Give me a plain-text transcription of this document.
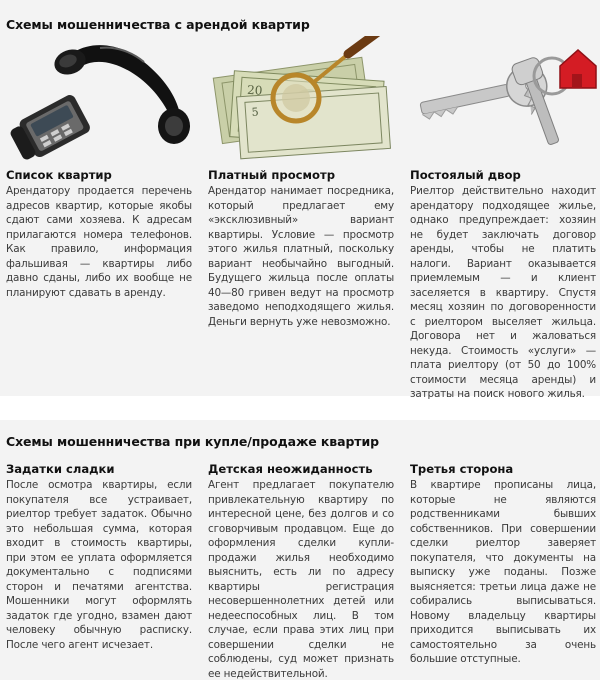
Схемы мошенничества с арендой квартир
20
5
Список квартир
Арендатору продается перечень адресов квартир, которые якобы сдают сами хозяева. К адресам прилагаются номера телефонов. Как правило, информация фальшивая — квартиры либо давно сданы, либо их вообще не планируют сдавать в аренду.
Платный просмотр
Арендатор нанимает посредника, который предлагает ему «эксклюзивный» вариант квартиры. Условие — просмотр этого жилья платный, поскольку вариант необычайно выгодный. Будущего жильца после оплаты 40—80 гривен ведут на просмотр заведомо неподходящего жилья. Деньги вернуть уже невозможно.
Постоялый двор
Риелтор действительно находит арендатору подходящее жилье, однако предупреждает: хозяин не будет заключать договор аренды, чтобы не платить налоги. Вариант оказывается приемлемым — и клиент заселяется в квартиру. Спустя месяц хозяин по договоренности с риелтором выселяет жильца. Договора нет и жаловаться некуда. Стоимость «услуги» — плата риелтору (от 50 до 100% стоимости месяца аренды) и затраты на поиск нового жилья.
Схемы мошенничества при купле/продаже квартир
Задатки сладки
После осмотра квартиры, если покупателя все устраивает, риелтор требует задаток. Обычно это небольшая сумма, которая входит в стоимость квартиры, при этом ее уплата оформляется документально с подписями сторон и печатями агентства. Мошенники могут оформлять задаток где угодно, взамен дают человеку обычную расписку. После чего агент исчезает.
Детская неожиданность
Агент предлагает покупателю привлекательную квартиру по интересной цене, без долгов и со сговорчивым продавцом. Еще до оформления сделки купли-продажи жилья необходимо выяснить, есть ли по адресу квартиры регистрация несовершеннолетних детей или недееспособных лиц. В том случае, если права этих лиц при совершении сделки не соблюдены, суд может признать ее недействительной.
Третья сторона
В квартире прописаны лица, которые не являются родственниками бывших собственников. При совершении сделки риелтор заверяет покупателя, что документы на выписку уже поданы. Позже выясняется: третьи лица даже не собирались выписываться. Новому владельцу квартиры приходится выписывать их самостоятельно за очень большие отступные.
